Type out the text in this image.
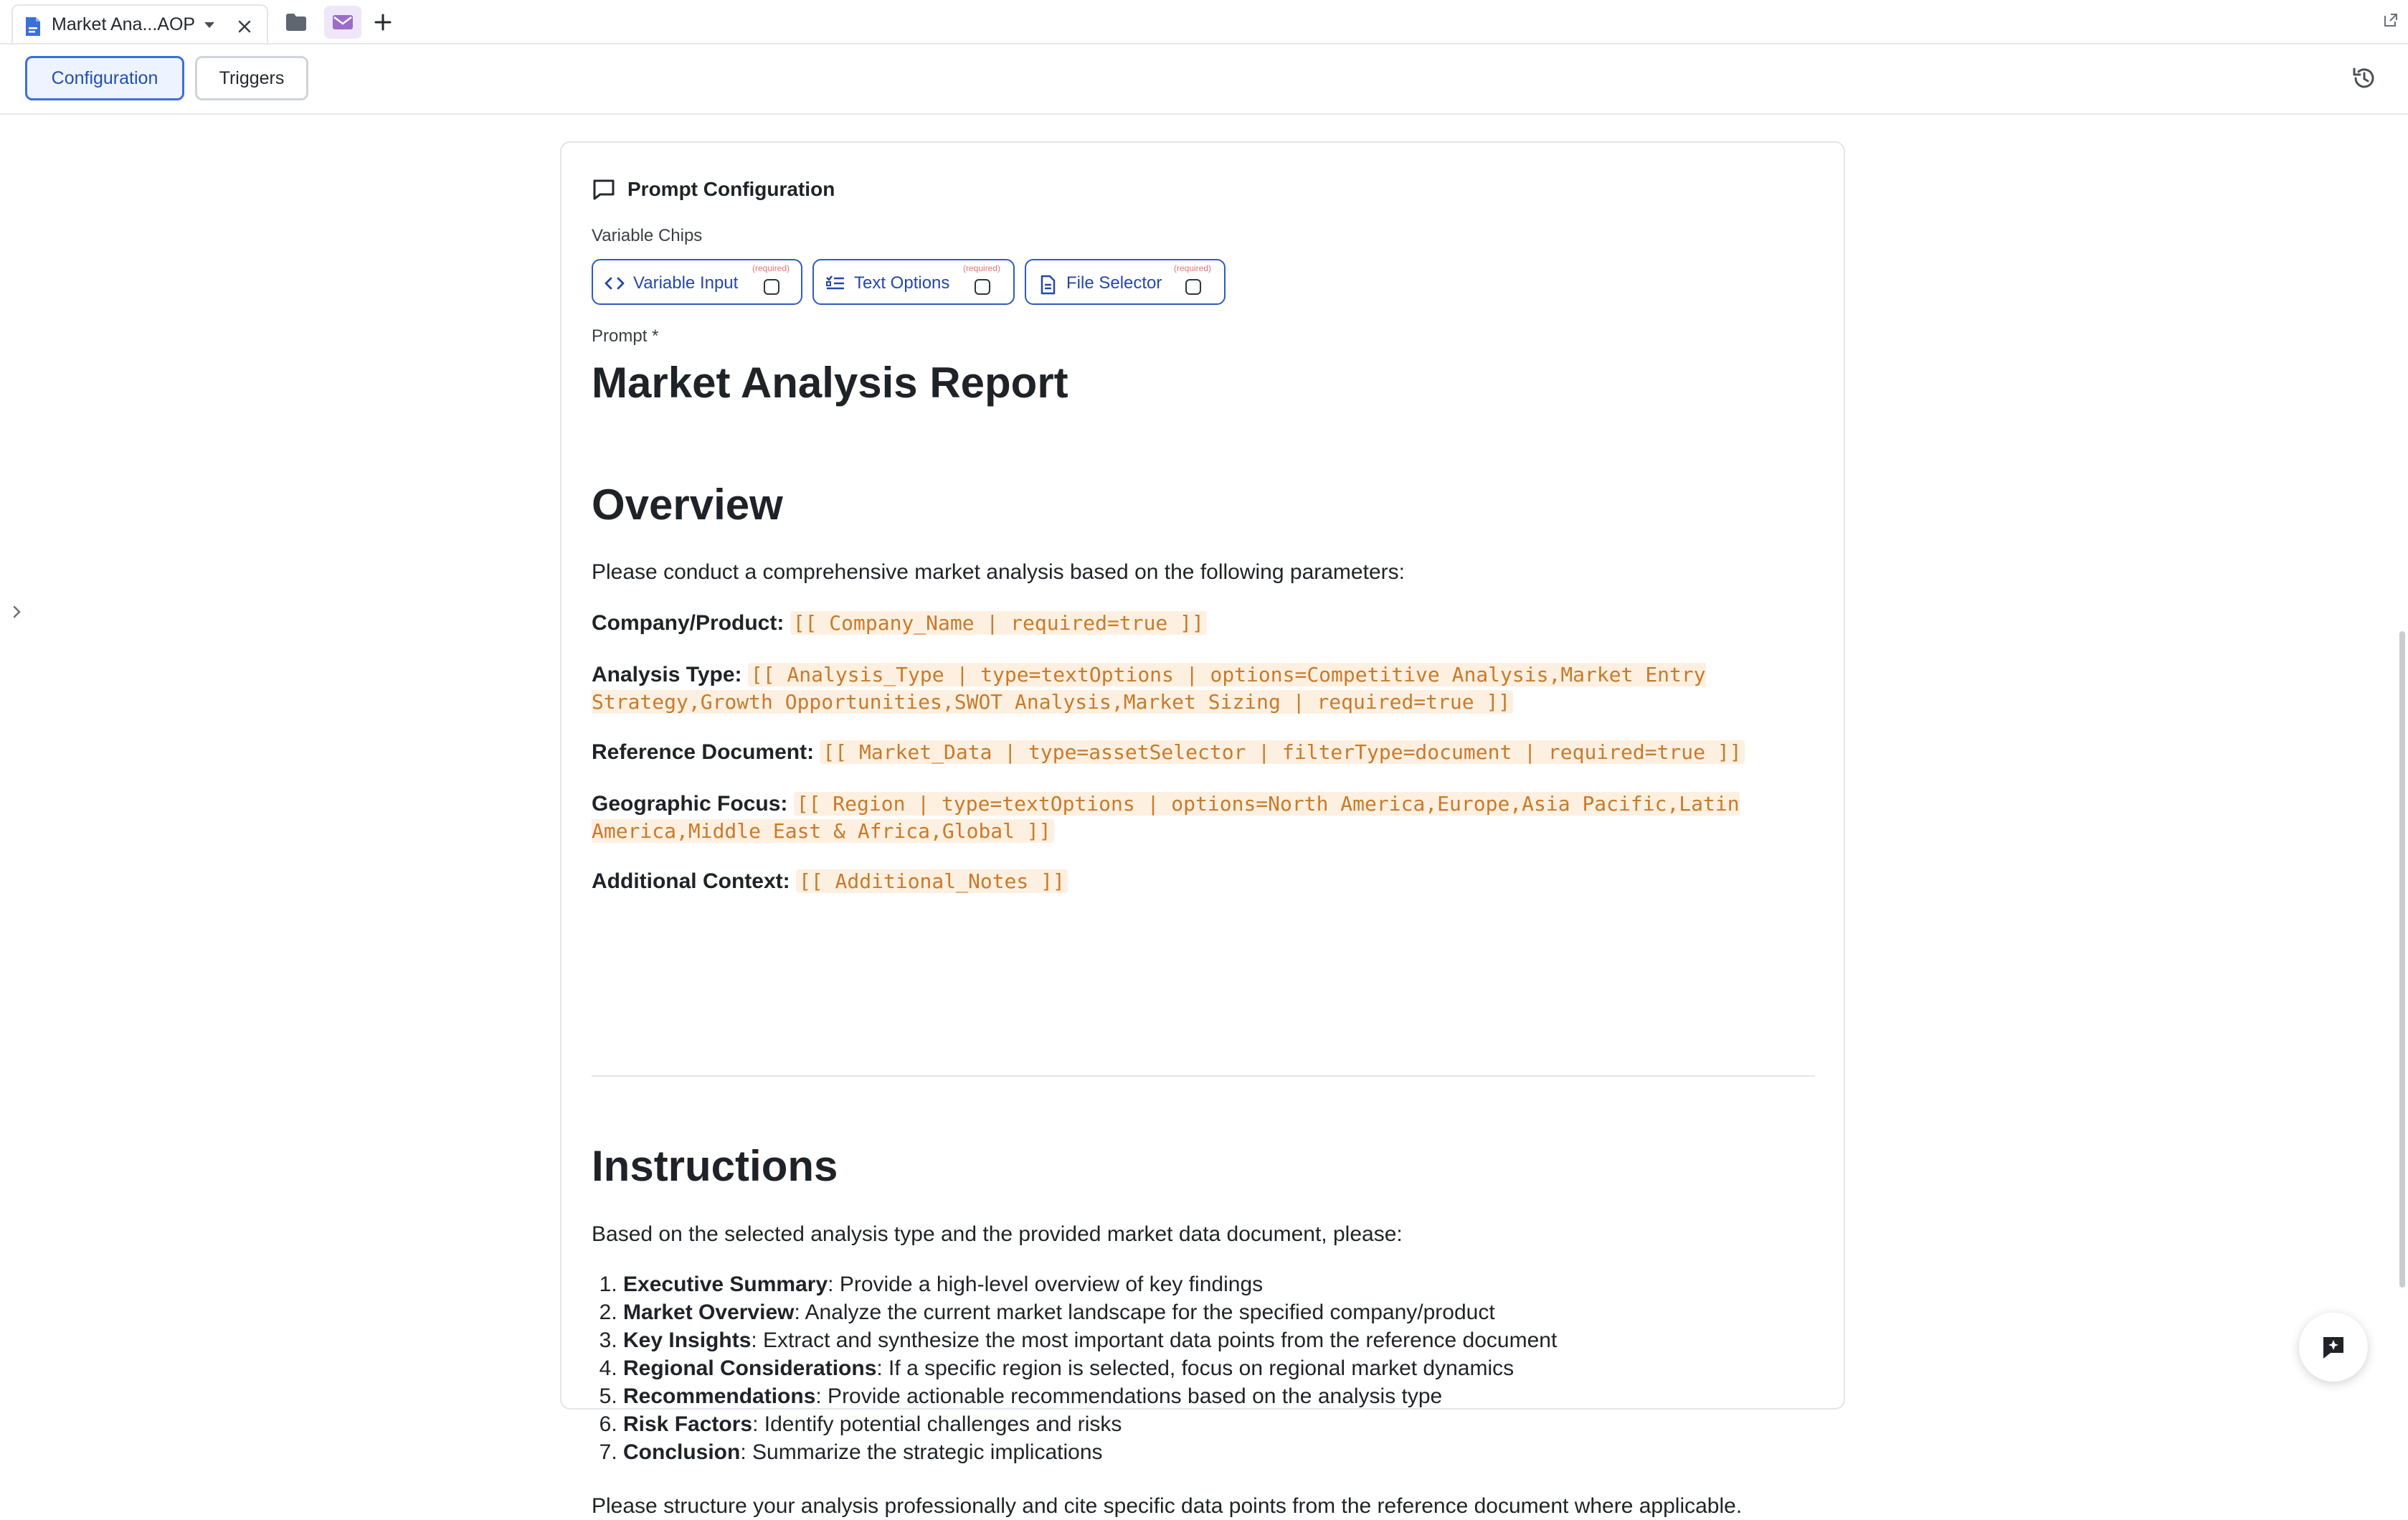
Market Ana...AOP
Configuration	Triggers
Prompt Configuration
Variable Chips
Variable Input
(required)
Text Options
(required)
File Selector
(required)
Prompt *
Market Analysis Report
Overview

Please conduct a comprehensive market analysis based on the following parameters:

Company/Product: [[ Company_Name | required=true ]]
Analysis Type: [[ Analysis_Type | type=textOptions | options=Competitive Analysis,Market Entry Strategy,Growth Opportunities,SWOT Analysis,Market Sizing | required=true ]]
Reference Document: [[ Market_Data | type=assetSelector | filterType=document | required=true ]]
Geographic Focus: [[ Region | type=textOptions | options=North America,Europe,Asia Pacific,Latin America,Middle East & Africa,Global ]]
Additional Context: [[ Additional_Notes ]]
Instructions

Based on the selected analysis type and the provided market data document, please:

1. Executive Summary: Provide a high-level overview of key findings
2. Market Overview: Analyze the current market landscape for the specified company/product
3. Key Insights: Extract and synthesize the most important data points from the reference document
4. Regional Considerations: If a specific region is selected, focus on regional market dynamics
5. Recommendations: Provide actionable recommendations based on the analysis type
6. Risk Factors: Identify potential challenges and risks
7. Conclusion: Summarize the strategic implications

Please structure your analysis professionally and cite specific data points from the reference document where applicable.
